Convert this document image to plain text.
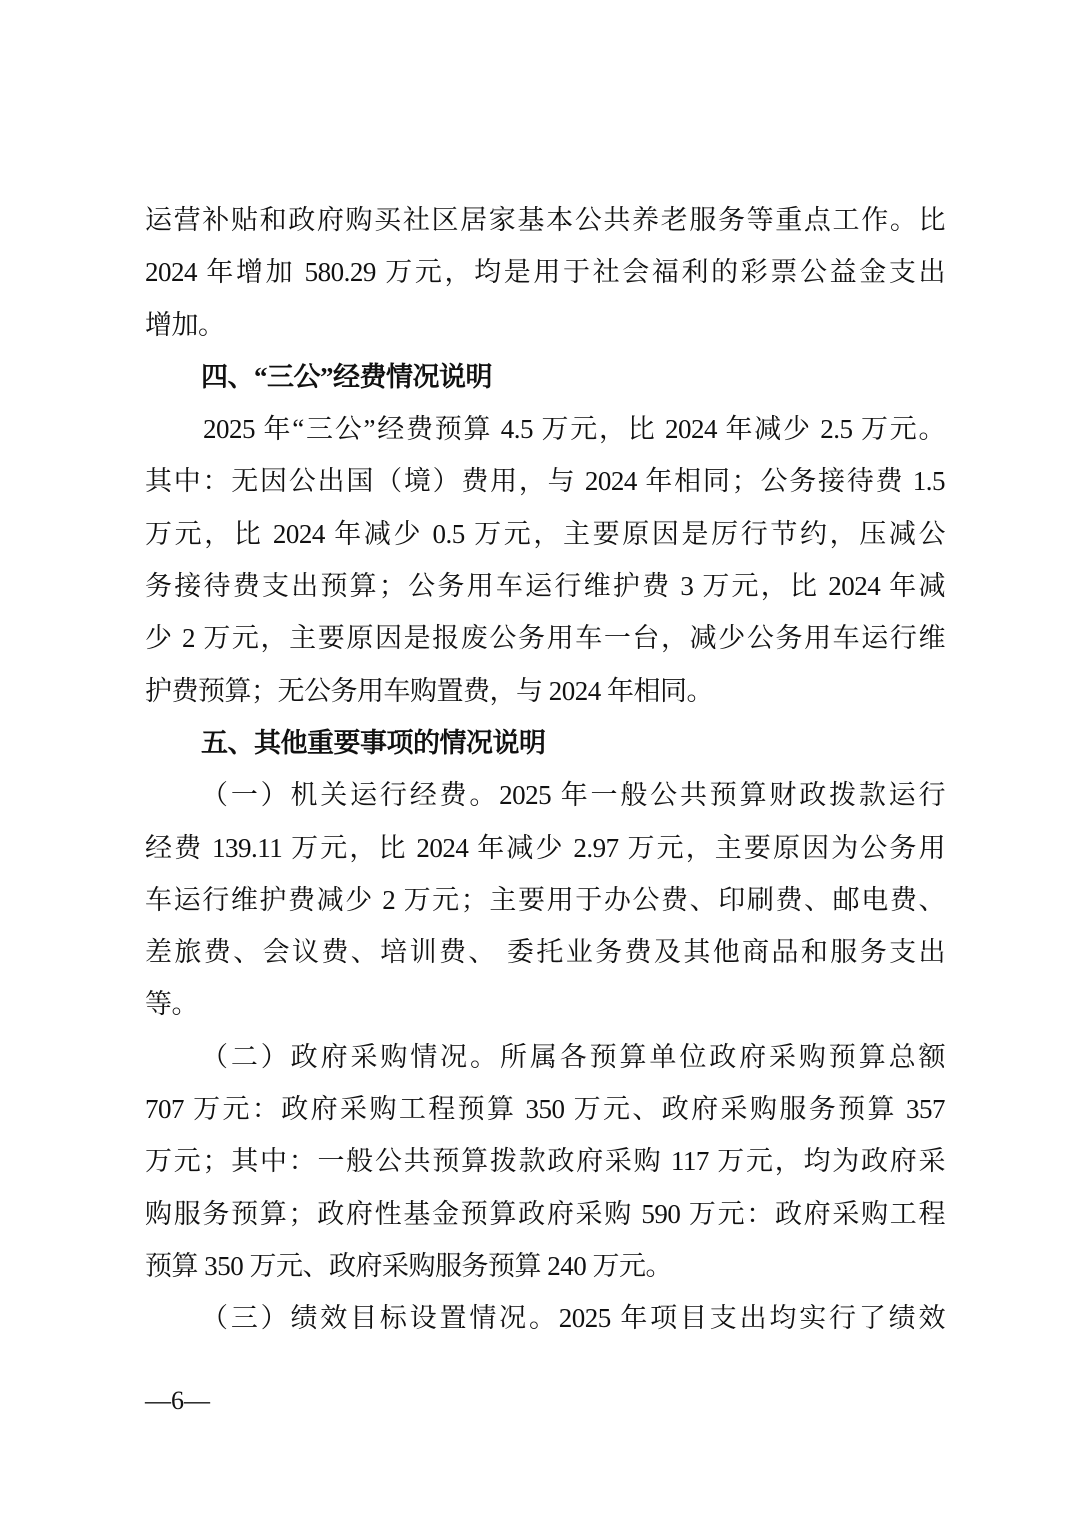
运营补贴和政府购买社区居家基本公共养老服务等重点工作。比
2024 年增加 580.29 万元，均是用于社会福利的彩票公益金支出
增加。
四、“三公”经费情况说明
2025 年“三公”经费预算 4.5 万元，比 2024 年减少 2.5 万元。
其中：无因公出国（境）费用，与 2024 年相同；公务接待费 1.5
万元，比 2024 年减少 0.5 万元，主要原因是厉行节约，压减公
务接待费支出预算；公务用车运行维护费 3 万元，比 2024 年减
少 2 万元，主要原因是报废公务用车一台，减少公务用车运行维
护费预算；无公务用车购置费，与 2024 年相同。
五、其他重要事项的情况说明
（一）机关运行经费。2025 年一般公共预算财政拨款运行
经费 139.11 万元，比 2024 年减少 2.97 万元，主要原因为公务用
车运行维护费减少 2 万元；主要用于办公费、印刷费、邮电费、
差旅费、会议费、培训费、 委托业务费及其他商品和服务支出
等。
（二）政府采购情况。所属各预算单位政府采购预算总额
707 万元：政府采购工程预算 350 万元、政府采购服务预算 357
万元；其中：一般公共预算拨款政府采购 117 万元，均为政府采
购服务预算；政府性基金预算政府采购 590 万元：政府采购工程
预算 350 万元、政府采购服务预算 240 万元。
（三）绩效目标设置情况。2025 年项目支出均实行了绩效
—6—
